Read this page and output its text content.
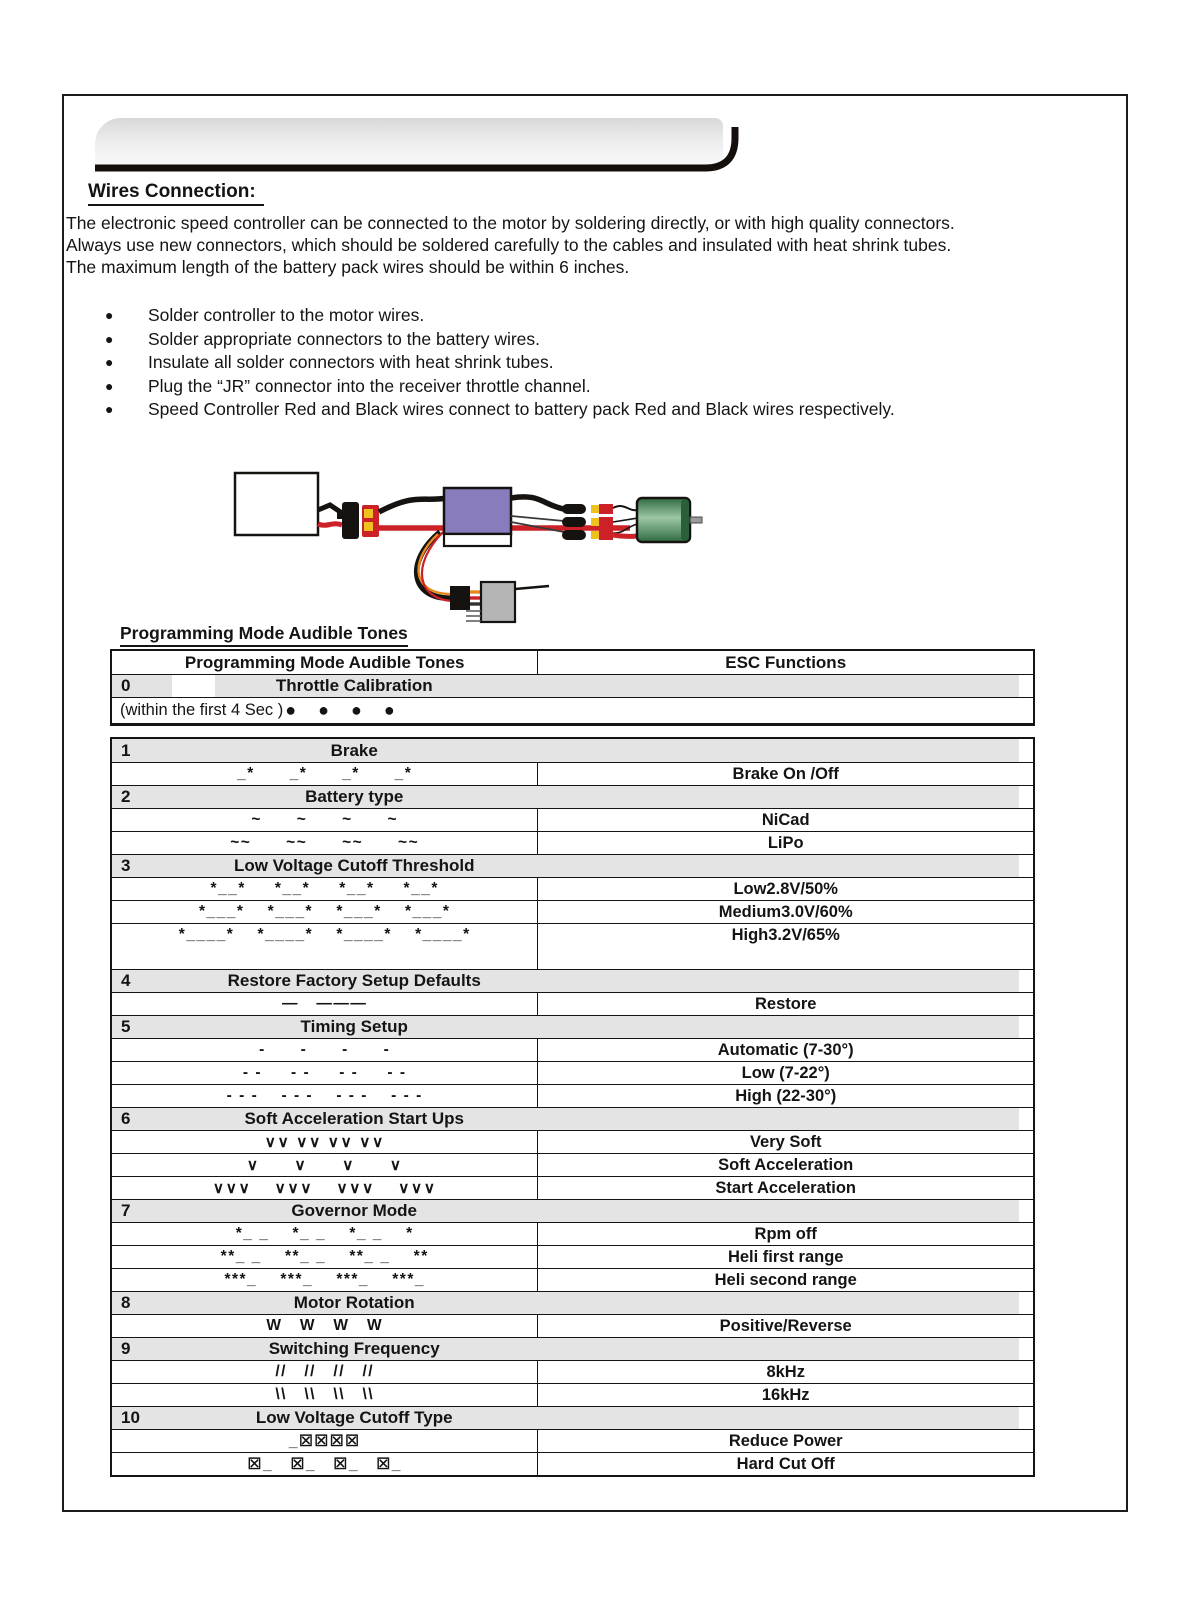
Wires Connection:

The electronic speed controller can be connected to the motor by soldering directly, or with high quality connectors.

Always use new connectors, which should be soldered carefully to the cables and insulated with heat shrink tubes.

The maximum length of the battery pack wires should be within 6 inches.

●	Solder controller to the motor wires.
●	Solder appropriate connectors to the battery wires.
●	Insulate all solder connectors with heat shrink tubes.
●	Plug the “JR” connector into the receiver throttle channel.
●	Speed Controller Red and Black wires connect to battery pack Red and Black wires respectively.
Programming Mode Audible Tones
Programming Mode Audible Tones	ESC Functions
0	Throttle Calibration
(within the first 4 Sec ) ●  ●  ●  ●
1	Brake
_*      _*      _*      _*	Brake On /Off
2	Battery type
~      ~      ~      ~	NiCad
~~      ~~      ~~      ~~	LiPo
3	Low Voltage Cutoff Threshold
*__*     *__*     *__*     *__*	Low2.8V/50%
*___*    *___*    *___*    *___*	Medium3.0V/60%
*____*    *____*    *____*    *____*	High3.2V/65%
4	Restore Factory Setup Defaults
—   ———	Restore
5	Timing Setup
-      -      -      -	Automatic (7-30°)
- -     - -     - -     - -	Low (7-22°)
- - -    - - -    - - -    - - -	High (22-30°)
6	Soft Acceleration Start Ups
∨∨ ∨∨ ∨∨ ∨∨	Very Soft
∨      ∨      ∨      ∨	Soft Acceleration
∨∨∨    ∨∨∨    ∨∨∨    ∨∨∨	Start Acceleration
7	Governor Mode
*_ _    *_ _    *_ _    *	Rpm off
**_ _    **_ _    **_ _    **	Heli first range
***_    ***_    ***_    ***_	Heli second range
8	Motor Rotation
W   W   W   W	Positive/Reverse
9	Switching Frequency
//   //   //   //	8kHz
\\   \\   \\   \\	16kHz
10	Low Voltage Cutoff Type
_☒☒☒☒	Reduce Power
☒_   ☒_   ☒_   ☒_	Hard Cut Off
